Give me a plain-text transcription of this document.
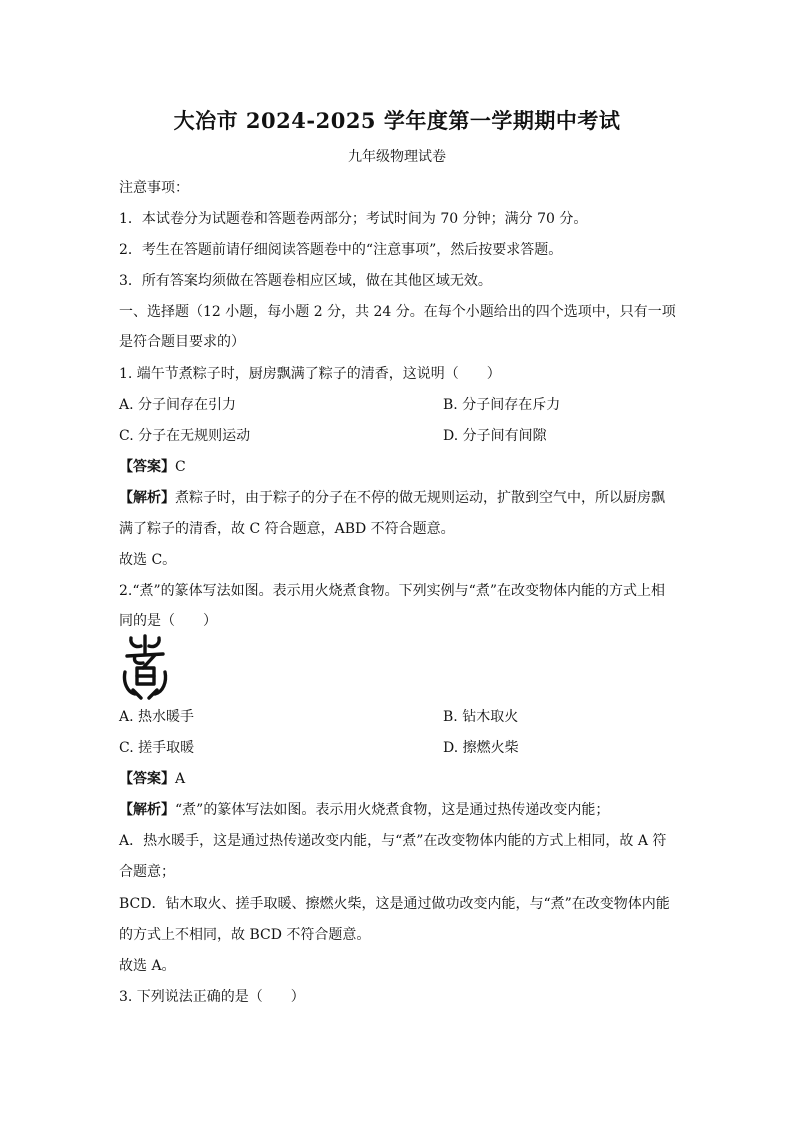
大冶市 2024-2025 学年度第一学期期中考试
九年级物理试卷
注意事项：
1．本试卷分为试题卷和答题卷两部分；考试时间为 70 分钟；满分 70 分。
2．考生在答题前请仔细阅读答题卷中的“注意事项”，然后按要求答题。
3．所有答案均须做在答题卷相应区域，做在其他区域无效。
一、选择题（12 小题，每小题 2 分，共 24 分。在每个小题给出的四个选项中，只有一项
是符合题目要求的）
1. 端午节煮粽子时，厨房飘满了粽子的清香，这说明（　　）
A. 分子间存在引力	B. 分子间存在斥力
C. 分子在无规则运动	D. 分子间有间隙
【答案】C
【解析】煮粽子时，由于粽子的分子在不停的做无规则运动，扩散到空气中，所以厨房飘
满了粽子的清香，故 C 符合题意，ABD 不符合题意。
故选 C。
2.“煮”的篆体写法如图。表示用火烧煮食物。下列实例与“煮”在改变物体内能的方式上相
同的是（　　）
A. 热水暖手	B. 钻木取火
C. 搓手取暖	D. 擦燃火柴
【答案】A
【解析】“煮”的篆体写法如图。表示用火烧煮食物，这是通过热传递改变内能；
A．热水暖手，这是通过热传递改变内能，与“煮”在改变物体内能的方式上相同，故 A 符
合题意；
BCD．钻木取火、搓手取暖、擦燃火柴，这是通过做功改变内能，与“煮”在改变物体内能
的方式上不相同，故 BCD 不符合题意。
故选 A。
3. 下列说法正确的是（　　）
